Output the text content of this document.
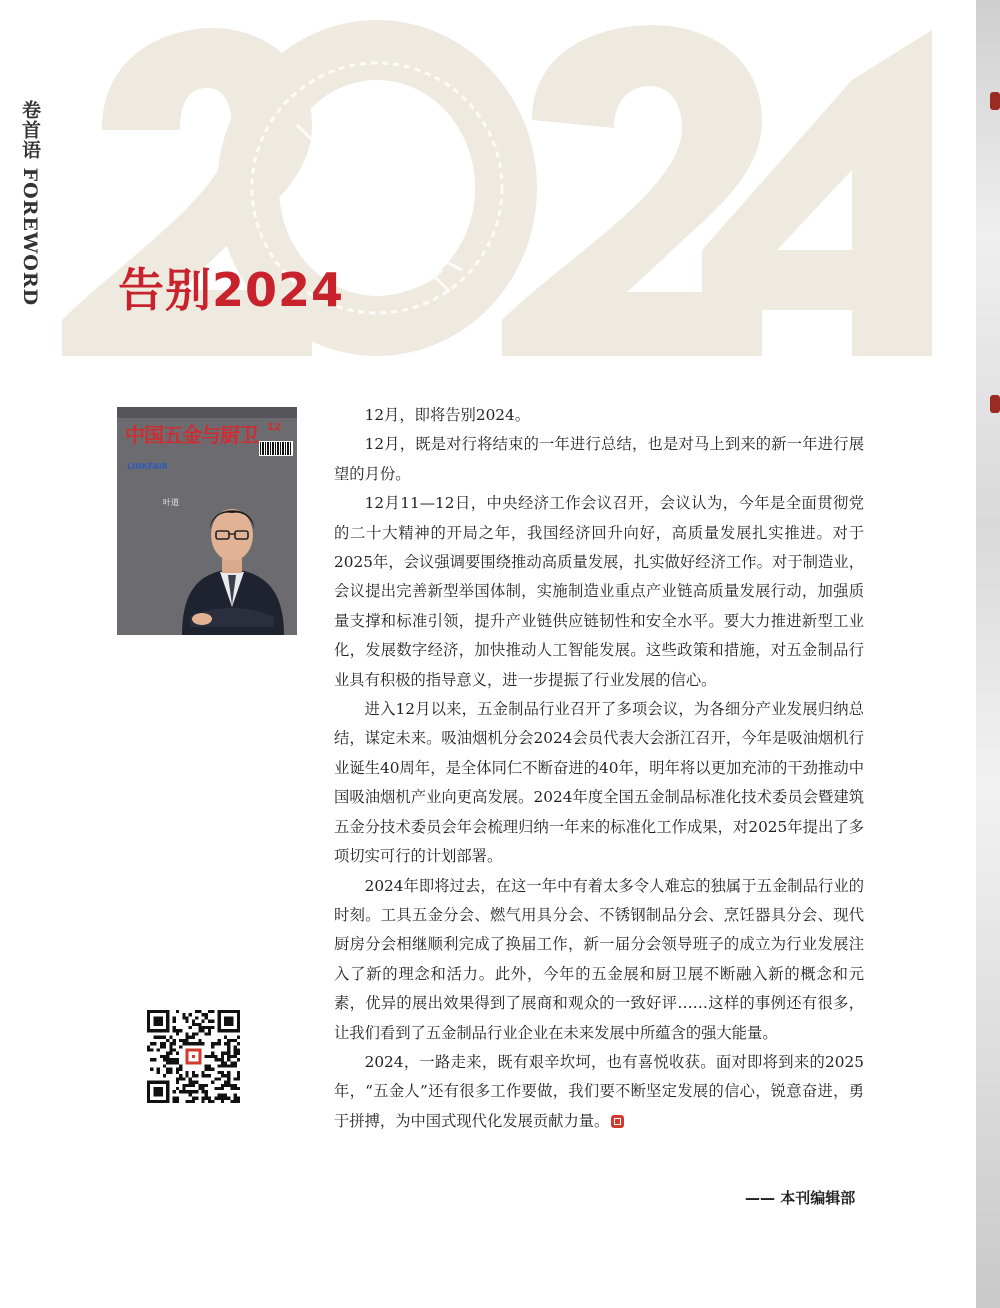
卷首语 FOREWORD 告别2024
中国五金与厨卫 12
LINKFAIR
叶道

12月，即将告别2024。

12月，既是对行将结束的一年进行总结，也是对马上到来的新一年进行展望的月份。

12月11—12日，中央经济工作会议召开，会议认为，今年是全面贯彻党的二十大精神的开局之年，我国经济回升向好，高质量发展扎实推进。对于2025年，会议强调要围绕推动高质量发展，扎实做好经济工作。对于制造业，会议提出完善新型举国体制，实施制造业重点产业链高质量发展行动，加强质量支撑和标准引领，提升产业链供应链韧性和安全水平。要大力推进新型工业化，发展数字经济，加快推动人工智能发展。这些政策和措施，对五金制品行业具有积极的指导意义，进一步提振了行业发展的信心。

进入12月以来，五金制品行业召开了多项会议，为各细分产业发展归纳总结，谋定未来。吸油烟机分会2024会员代表大会浙江召开，今年是吸油烟机行业诞生40周年，是全体同仁不断奋进的40年，明年将以更加充沛的干劲推动中国吸油烟机产业向更高发展。2024年度全国五金制品标准化技术委员会暨建筑五金分技术委员会年会梳理归纳一年来的标准化工作成果，对2025年提出了多项切实可行的计划部署。

2024年即将过去，在这一年中有着太多令人难忘的独属于五金制品行业的时刻。工具五金分会、燃气用具分会、不锈钢制品分会、烹饪器具分会、现代厨房分会相继顺利完成了换届工作，新一届分会领导班子的成立为行业发展注入了新的理念和活力。此外，今年的五金展和厨卫展不断融入新的概念和元素，优异的展出效果得到了展商和观众的一致好评……这样的事例还有很多，让我们看到了五金制品行业企业在未来发展中所蕴含的强大能量。

2024，一路走来，既有艰辛坎坷，也有喜悦收获。面对即将到来的2025年，“五金人”还有很多工作要做，我们要不断坚定发展的信心，锐意奋进，勇于拼搏，为中国式现代化发展贡献力量。

—— 本刊编辑部
